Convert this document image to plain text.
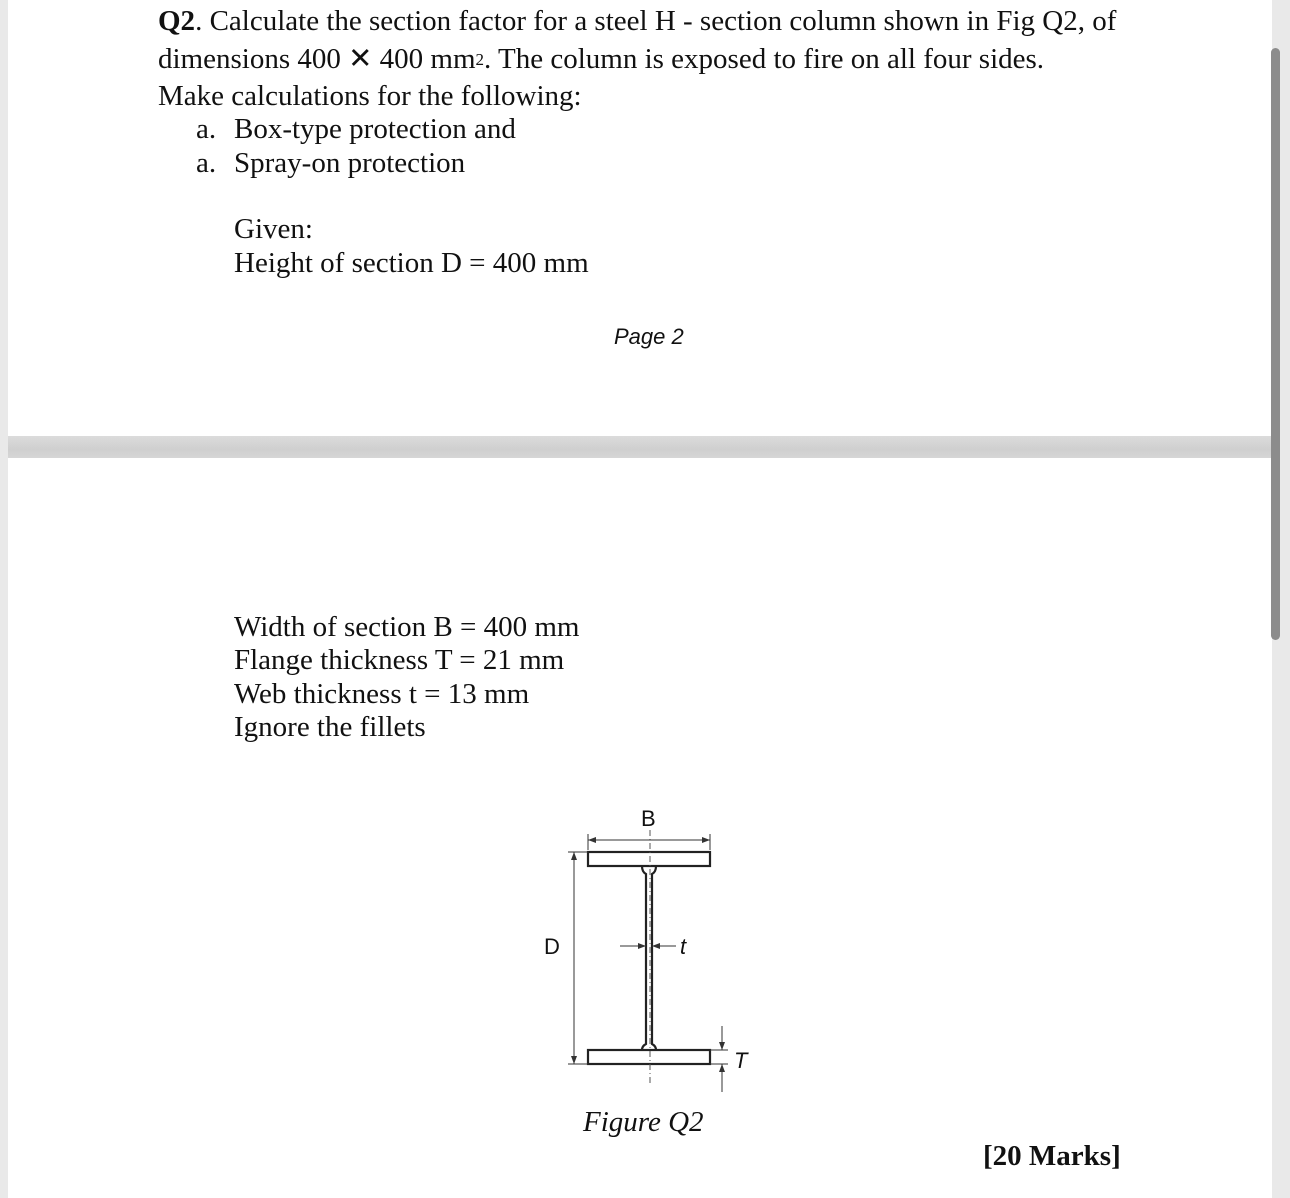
Q2. Calculate the section factor for a steel H - section column shown in Fig Q2, of
dimensions 400 ✕ 400 $mm^2$. The column is exposed to fire on all four sides.
Make calculations for the following:
a. Box-type protection and
a. Spray-on protection
Given:
Height of section D = 400 mm
Page 2
Width of section B = 400 mm
Flange thickness T = 21 mm
Web thickness t = 13 mm
Ignore the fillets
B
D	t
T
Figure Q2
[20 Marks]
